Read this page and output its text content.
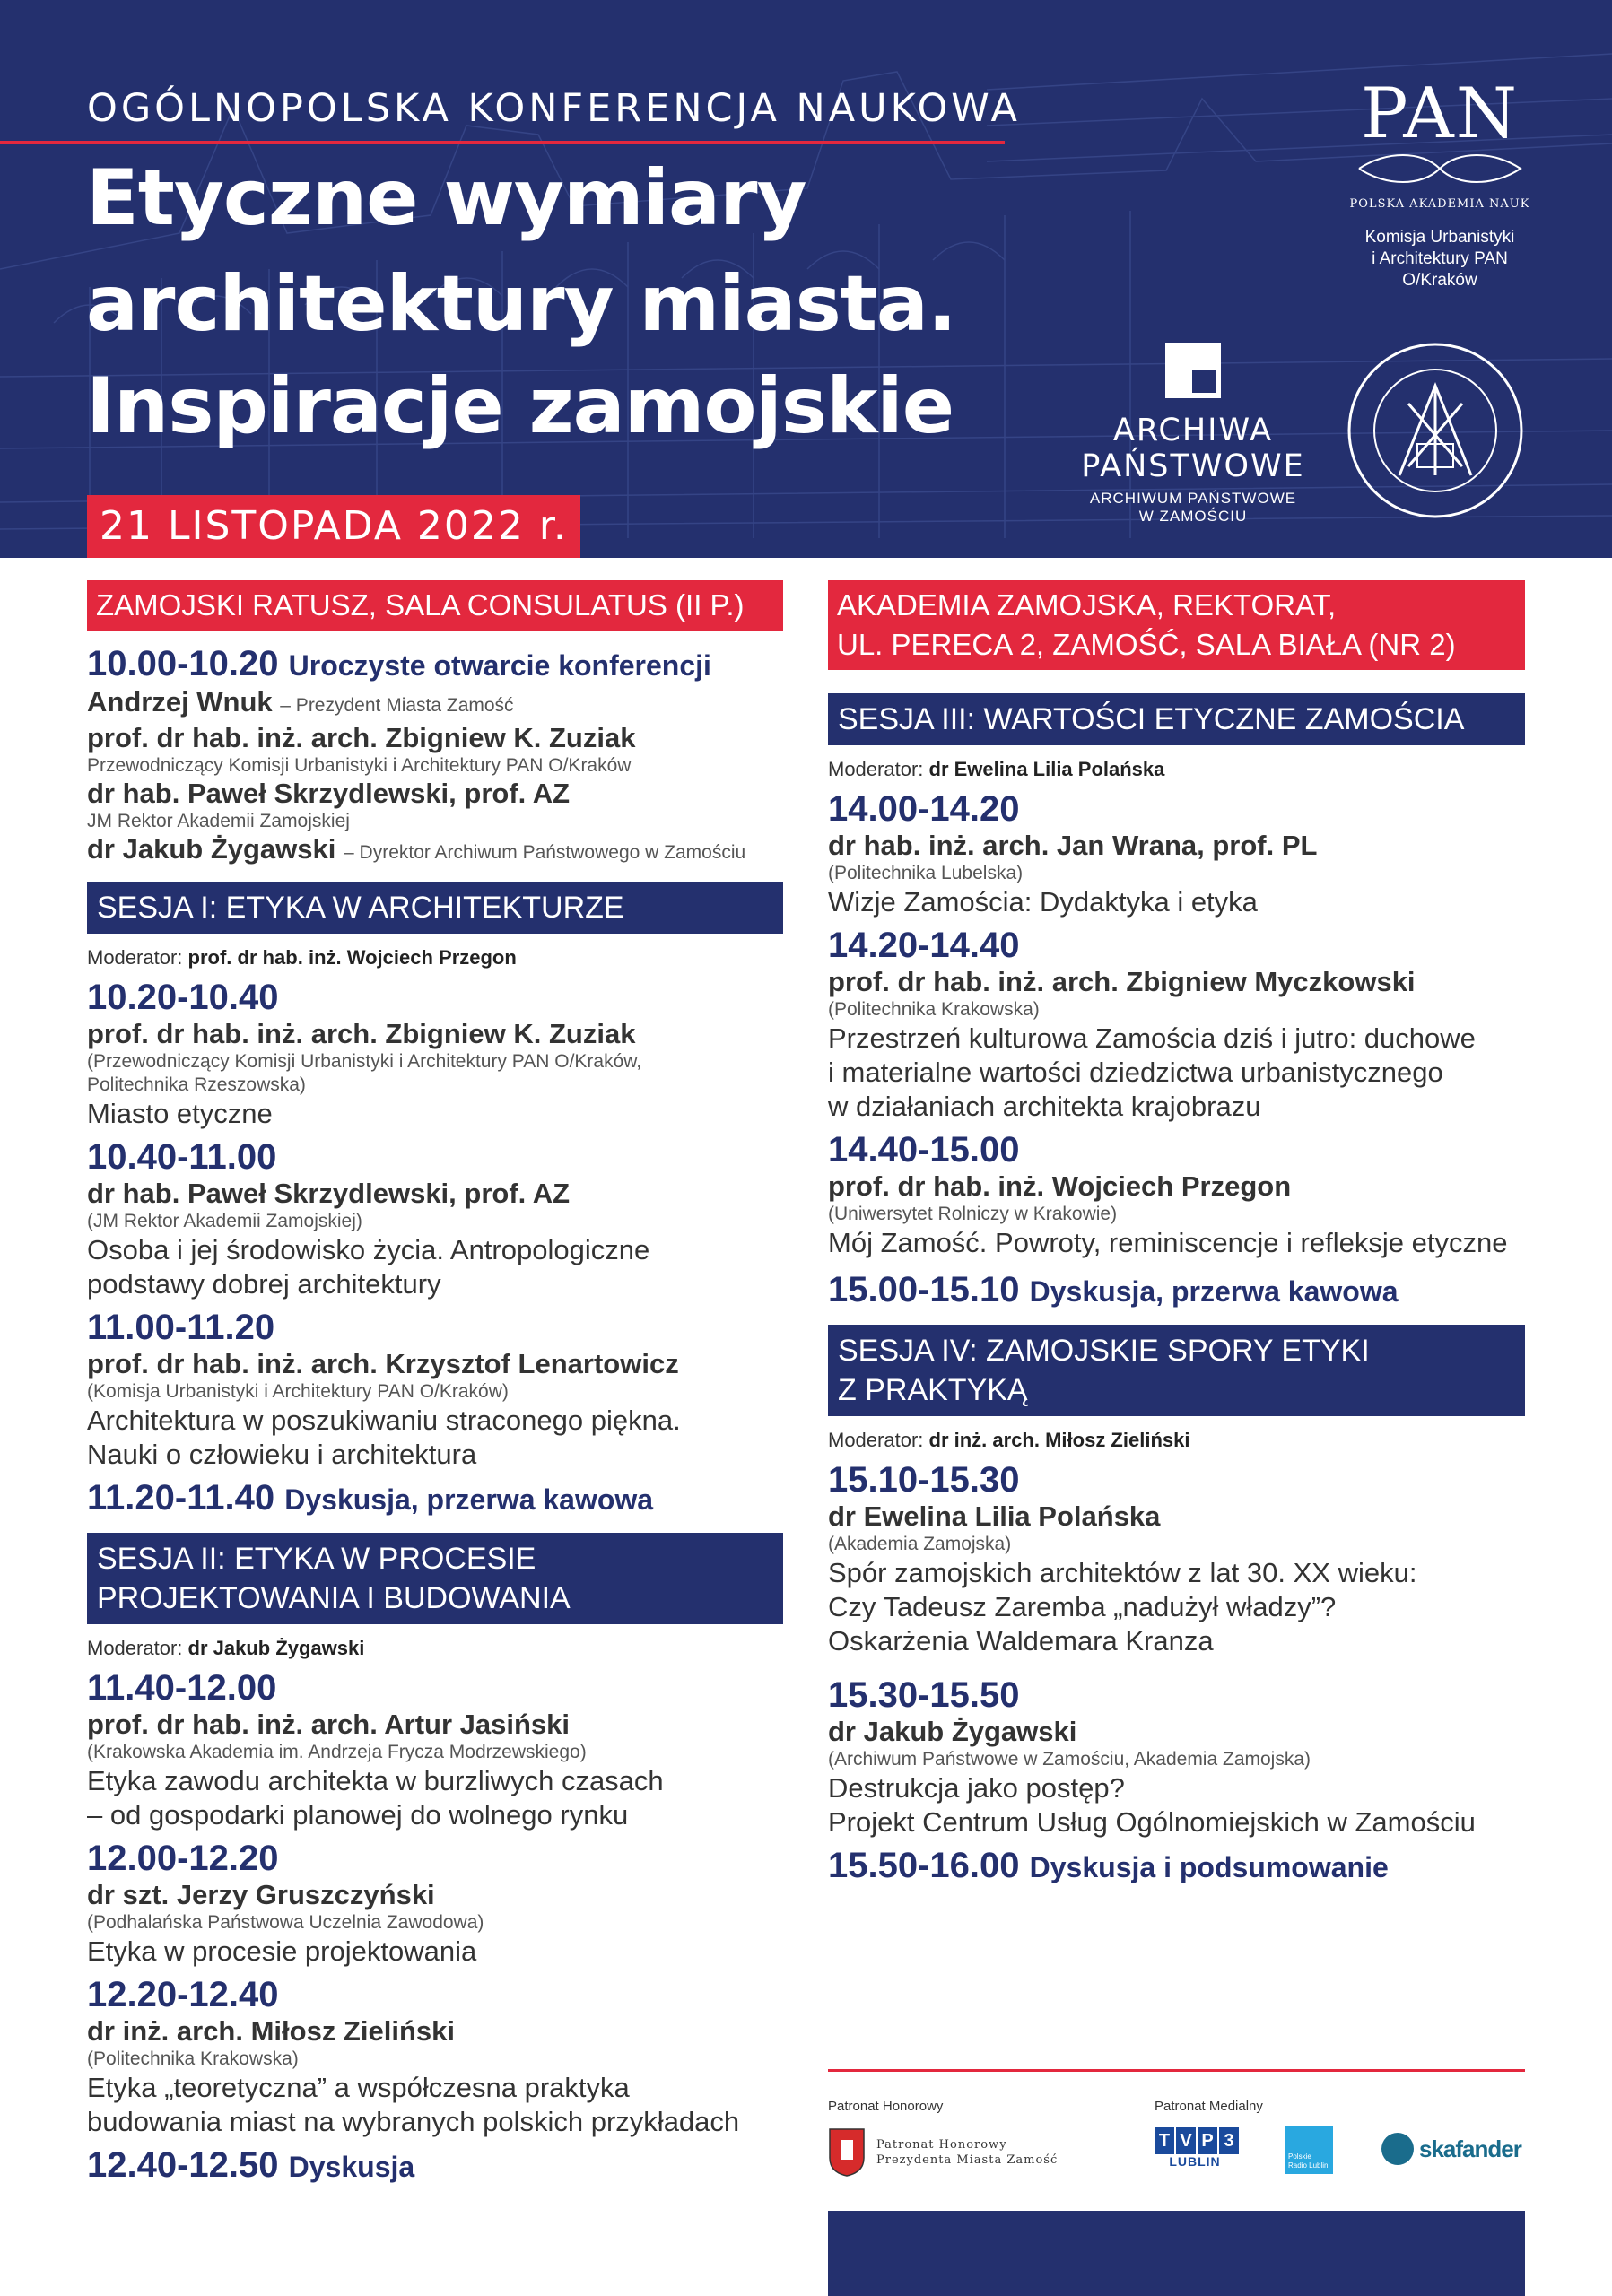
OGÓLNOPOLSKA KONFERENCJA NAUKOWA
Etyczne wymiary
architektury miasta.
Inspiracje zamojskie
21 LISTOPADA 2022 r.
PAN
POLSKA AKADEMIA NAUK
Komisja Urbanistyki
i Architektury PAN
O/Kraków
ARCHIWA
PAŃSTWOWE
ARCHIWUM PAŃSTWOWE
W ZAMOŚCIU
ZAMOJSKI RATUSZ, SALA CONSULATUS (II P.)
10.00-10.20 Uroczyste otwarcie konferencji
Andrzej Wnuk – Prezydent Miasta Zamość
prof. dr hab. inż. arch. Zbigniew K. Zuziak
Przewodniczący Komisji Urbanistyki i Architektury PAN O/Kraków
dr hab. Paweł Skrzydlewski, prof. AZ
JM Rektor Akademii Zamojskiej
dr Jakub Żygawski – Dyrektor Archiwum Państwowego w Zamościu
SESJA I: ETYKA W ARCHITEKTURZE
Moderator: prof. dr hab. inż. Wojciech Przegon
10.20-10.40
prof. dr hab. inż. arch. Zbigniew K. Zuziak
(Przewodniczący Komisji Urbanistyki i Architektury PAN O/Kraków,
Politechnika Rzeszowska)
Miasto etyczne
10.40-11.00
dr hab. Paweł Skrzydlewski, prof. AZ
(JM Rektor Akademii Zamojskiej)
Osoba i jej środowisko życia. Antropologiczne
podstawy dobrej architektury
11.00-11.20
prof. dr hab. inż. arch. Krzysztof Lenartowicz
(Komisja Urbanistyki i Architektury PAN O/Kraków)
Architektura w poszukiwaniu straconego piękna.
Nauki o człowieku i architektura
11.20-11.40 Dyskusja, przerwa kawowa
SESJA II: ETYKA W PROCESIE
PROJEKTOWANIA I BUDOWANIA
Moderator: dr Jakub Żygawski
11.40-12.00
prof. dr hab. inż. arch. Artur Jasiński
(Krakowska Akademia im. Andrzeja Frycza Modrzewskiego)
Etyka zawodu architekta w burzliwych czasach
– od gospodarki planowej do wolnego rynku
12.00-12.20
dr szt. Jerzy Gruszczyński
(Podhalańska Państwowa Uczelnia Zawodowa)
Etyka w procesie projektowania
12.20-12.40
dr inż. arch. Miłosz Zieliński
(Politechnika Krakowska)
Etyka „teoretyczna” a współczesna praktyka
budowania miast na wybranych polskich przykładach
12.40-12.50 Dyskusja
AKADEMIA ZAMOJSKA, REKTORAT,
UL. PERECA 2, ZAMOŚĆ, SALA BIAŁA (NR 2)
SESJA III: WARTOŚCI ETYCZNE ZAMOŚCIA
Moderator: dr Ewelina Lilia Polańska
14.00-14.20
dr hab. inż. arch. Jan Wrana, prof. PL
(Politechnika Lubelska)
Wizje Zamościa: Dydaktyka i etyka
14.20-14.40
prof. dr hab. inż. arch. Zbigniew Myczkowski
(Politechnika Krakowska)
Przestrzeń kulturowa Zamościa dziś i jutro: duchowe
i materialne wartości dziedzictwa urbanistycznego
w działaniach architekta krajobrazu
14.40-15.00
prof. dr hab. inż. Wojciech Przegon
(Uniwersytet Rolniczy w Krakowie)
Mój Zamość. Powroty, reminiscencje i refleksje etyczne
15.00-15.10 Dyskusja, przerwa kawowa
SESJA IV: ZAMOJSKIE SPORY ETYKI
Z PRAKTYKĄ
Moderator: dr inż. arch. Miłosz Zieliński
15.10-15.30
dr Ewelina Lilia Polańska
(Akademia Zamojska)
Spór zamojskich architektów z lat 30. XX wieku:
Czy Tadeusz Zaremba „nadużył władzy”?
Oskarżenia Waldemara Kranza
15.30-15.50
dr Jakub Żygawski
(Archiwum Państwowe w Zamościu, Akademia Zamojska)
Destrukcja jako postęp?
Projekt Centrum Usług Ogólnomiejskich w Zamościu
15.50-16.00 Dyskusja i podsumowanie
Patronat Honorowy	Patronat Medialny
Patronat Honorowy
Prezydenta Miasta Zamość
T V P 3
LUBLIN	Polskie Radio Lublin
skafander
